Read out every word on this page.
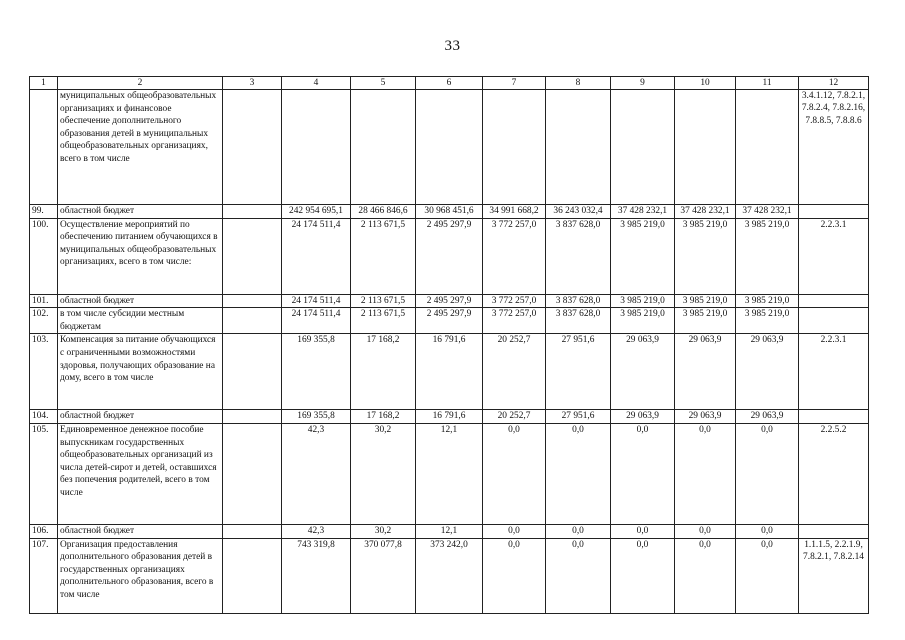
33
1	2	3	4	5	6	7	8	9	10	11	12
	муниципальных общеобразовательных организациях и финансовое обеспечение дополнительного образования детей в муниципальных общеобразовательных организациях, всего в том числе										3.4.1.12, 7.8.2.1, 7.8.2.4, 7.8.2.16, 7.8.8.5, 7.8.8.6
99.	областной бюджет		242 954 695,1	28 466 846,6	30 968 451,6	34 991 668,2	36 243 032,4	37 428 232,1	37 428 232,1	37 428 232,1	
100.	Осуществление мероприятий по обеспечению питанием обучающихся в муниципальных общеобразовательных организациях, всего в том числе:		24 174 511,4	2 113 671,5	2 495 297,9	3 772 257,0	3 837 628,0	3 985 219,0	3 985 219,0	3 985 219,0	2.2.3.1
101.	областной бюджет		24 174 511,4	2 113 671,5	2 495 297,9	3 772 257,0	3 837 628,0	3 985 219,0	3 985 219,0	3 985 219,0	
102.	в том числе субсидии местным бюджетам		24 174 511,4	2 113 671,5	2 495 297,9	3 772 257,0	3 837 628,0	3 985 219,0	3 985 219,0	3 985 219,0	
103.	Компенсация за питание обучающихся с ограниченными возможностями здоровья, получающих образование на дому, всего в том числе		169 355,8	17 168,2	16 791,6	20 252,7	27 951,6	29 063,9	29 063,9	29 063,9	2.2.3.1
104.	областной бюджет		169 355,8	17 168,2	16 791,6	20 252,7	27 951,6	29 063,9	29 063,9	29 063,9	
105.	Единовременное денежное пособие выпускникам государственных общеобразовательных организаций из числа детей-сирот и детей, оставшихся без попечения родителей, всего в том числе		42,3	30,2	12,1	0,0	0,0	0,0	0,0	0,0	2.2.5.2
106.	областной бюджет		42,3	30,2	12,1	0,0	0,0	0,0	0,0	0,0	
107.	Организация предоставления дополнительного образования детей в государственных организациях дополнительного образования, всего в том числе		743 319,8	370 077,8	373 242,0	0,0	0,0	0,0	0,0	0,0	1.1.1.5, 2.2.1.9, 7.8.2.1, 7.8.2.14
